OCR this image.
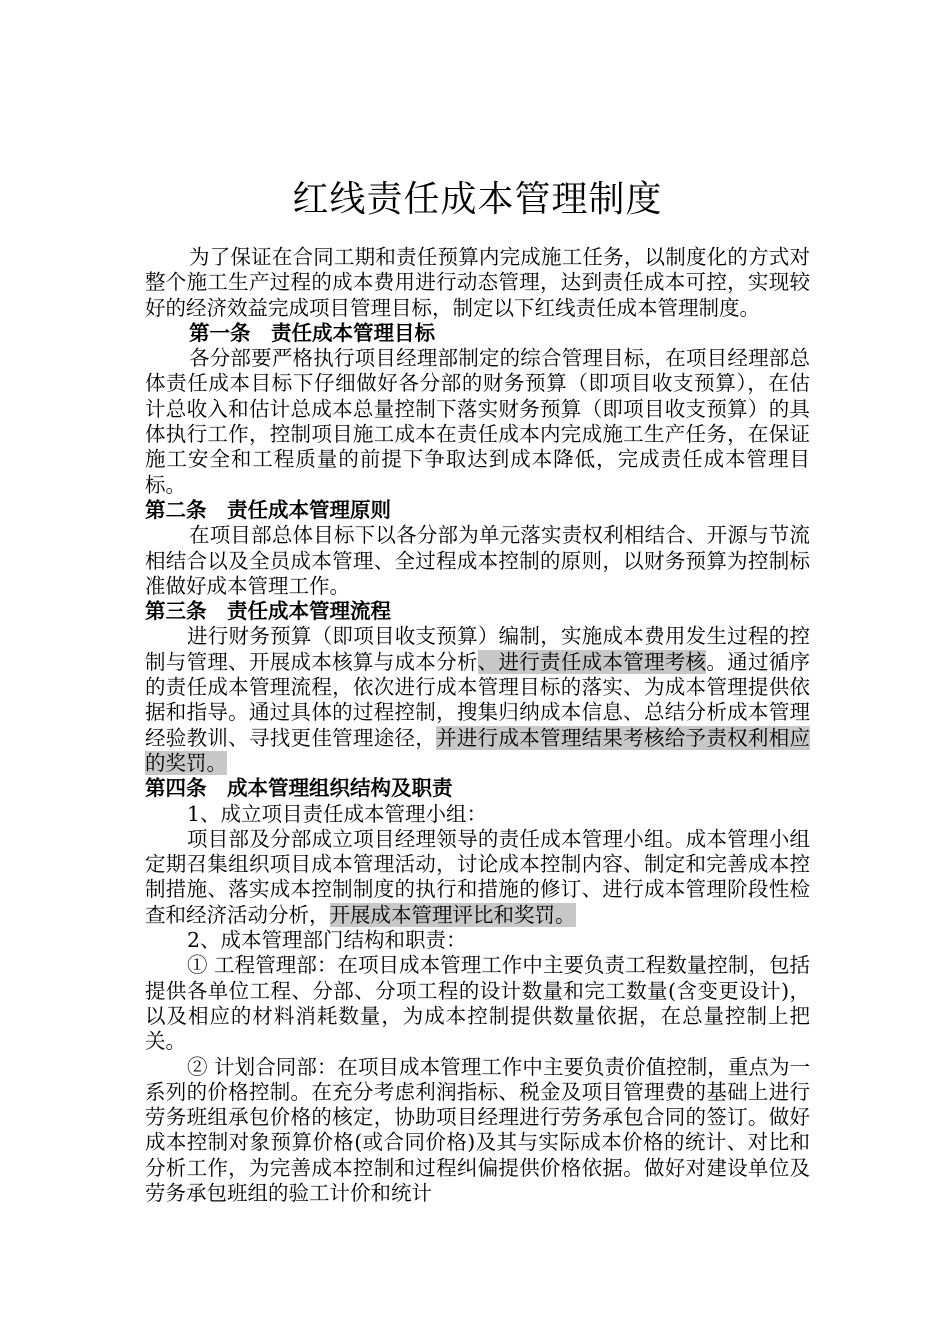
红线责任成本管理制度

为了保证在合同工期和责任预算内完成施工任务，以制度化的方式对整个施工生产过程的成本费用进行动态管理，达到责任成本可控，实现较好的经济效益完成项目管理目标，制定以下红线责任成本管理制度。

第一条　责任成本管理目标

各分部要严格执行项目经理部制定的综合管理目标，在项目经理部总体责任成本目标下仔细做好各分部的财务预算（即项目收支预算），在估计总收入和估计总成本总量控制下落实财务预算（即项目收支预算）的具体执行工作，控制项目施工成本在责任成本内完成施工生产任务，在保证施工安全和工程质量的前提下争取达到成本降低，完成责任成本管理目标。

第二条　责任成本管理原则

在项目部总体目标下以各分部为单元落实责权利相结合、开源与节流相结合以及全员成本管理、全过程成本控制的原则，以财务预算为控制标准做好成本管理工作。

第三条　责任成本管理流程

进行财务预算（即项目收支预算）编制，实施成本费用发生过程的控制与管理、开展成本核算与成本分析、进行责任成本管理考核。通过循序的责任成本管理流程，依次进行成本管理目标的落实、为成本管理提供依据和指导。通过具体的过程控制，搜集归纳成本信息、总结分析成本管理经验教训、寻找更佳管理途径，并进行成本管理结果考核给予责权利相应的奖罚。

第四条　成本管理组织结构及职责

1、成立项目责任成本管理小组：

项目部及分部成立项目经理领导的责任成本管理小组。成本管理小组定期召集组织项目成本管理活动，讨论成本控制内容、制定和完善成本控制措施、落实成本控制制度的执行和措施的修订、进行成本管理阶段性检查和经济活动分析，开展成本管理评比和奖罚。

2、成本管理部门结构和职责：

① 工程管理部：在项目成本管理工作中主要负责工程数量控制，包括提供各单位工程、分部、分项工程的设计数量和完工数量(含变更设计)，以及相应的材料消耗数量，为成本控制提供数量依据，在总量控制上把关。

② 计划合同部：在项目成本管理工作中主要负责价值控制，重点为一系列的价格控制。在充分考虑利润指标、税金及项目管理费的基础上进行劳务班组承包价格的核定，协助项目经理进行劳务承包合同的签订。做好成本控制对象预算价格(或合同价格)及其与实际成本价格的统计、对比和分析工作，为完善成本控制和过程纠偏提供价格依据。做好对建设单位及劳务承包班组的验工计价和统计
